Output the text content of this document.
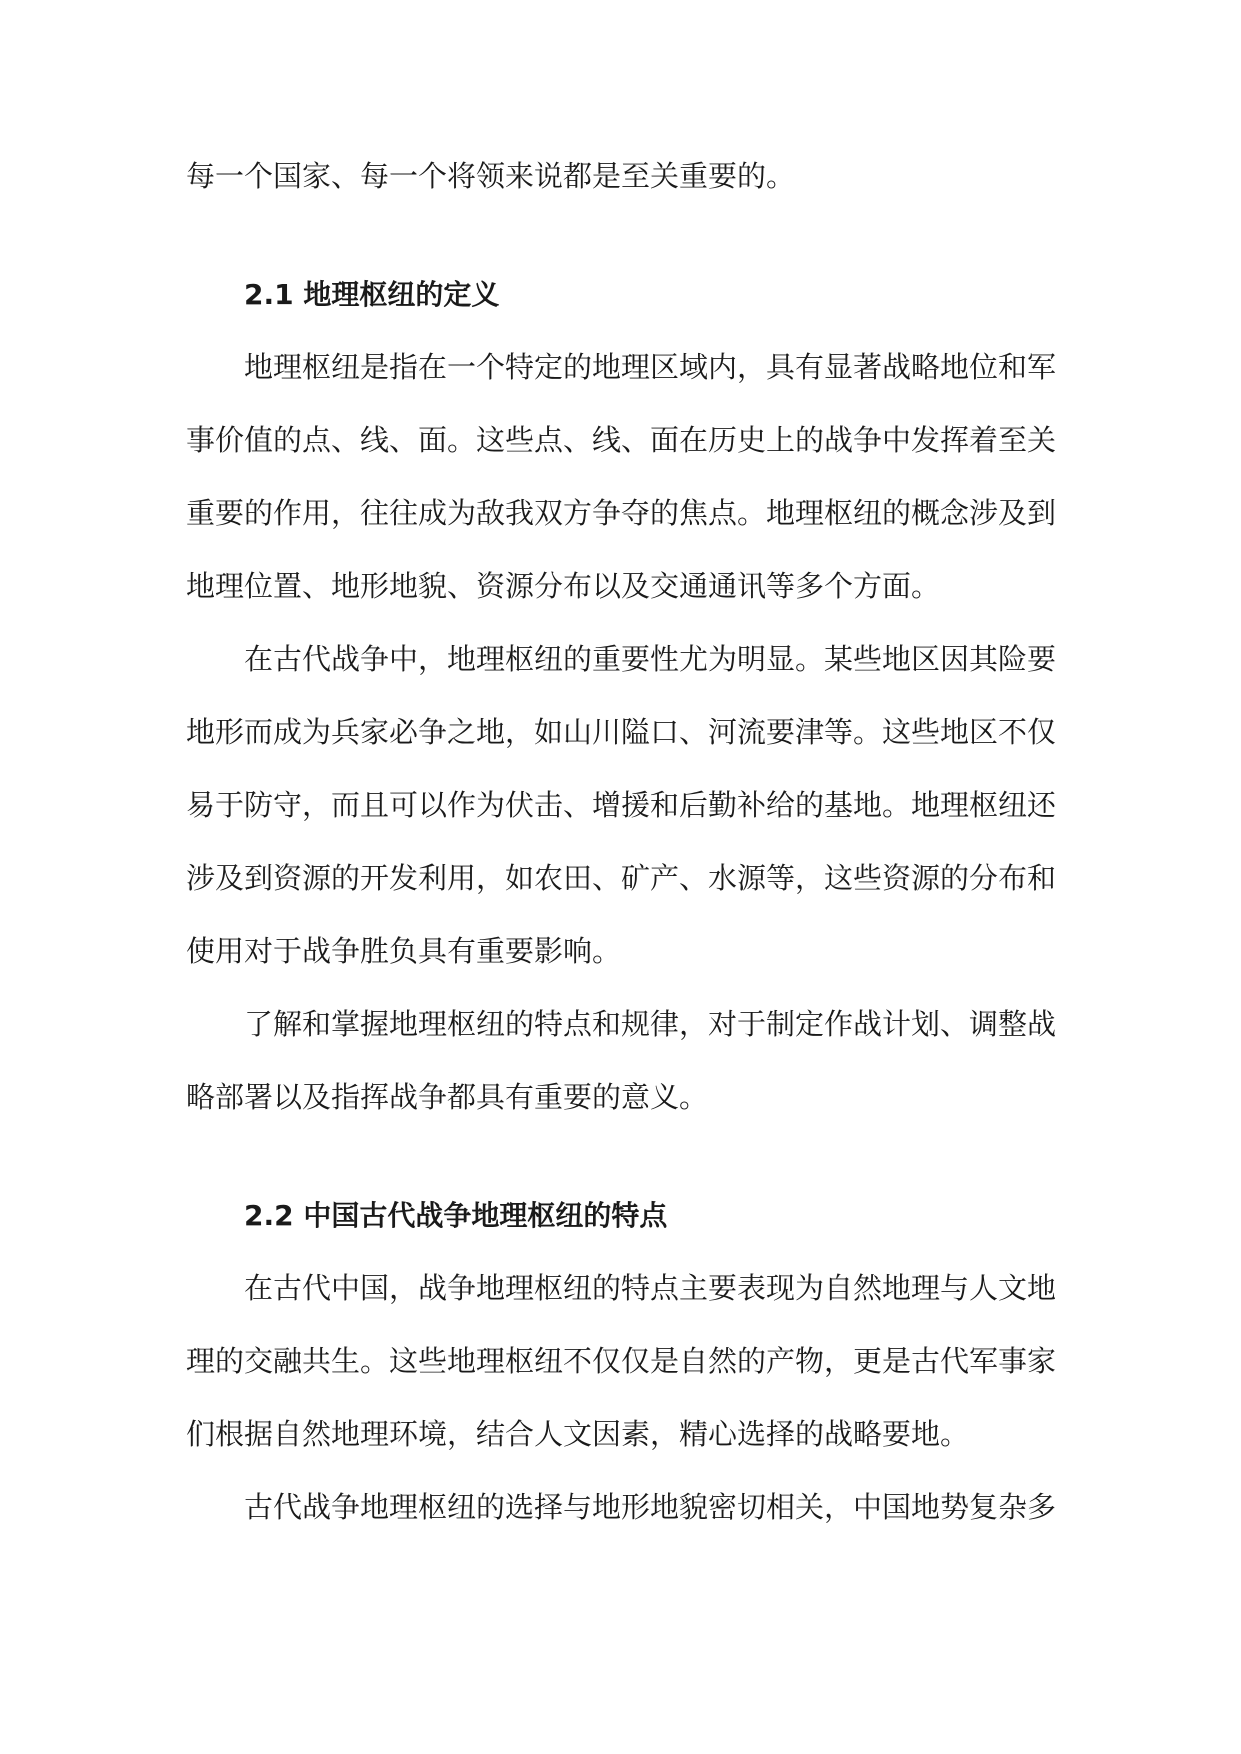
每一个国家、每一个将领来说都是至关重要的。

2.1 地理枢纽的定义

地理枢纽是指在一个特定的地理区域内，具有显著战略地位和军事价值的点、线、面。这些点、线、面在历史上的战争中发挥着至关重要的作用，往往成为敌我双方争夺的焦点。地理枢纽的概念涉及到地理位置、地形地貌、资源分布以及交通通讯等多个方面。

在古代战争中，地理枢纽的重要性尤为明显。某些地区因其险要地形而成为兵家必争之地，如山川隘口、河流要津等。这些地区不仅易于防守，而且可以作为伏击、增援和后勤补给的基地。地理枢纽还涉及到资源的开发利用，如农田、矿产、水源等，这些资源的分布和使用对于战争胜负具有重要影响。

了解和掌握地理枢纽的特点和规律，对于制定作战计划、调整战略部署以及指挥战争都具有重要的意义。

2.2 中国古代战争地理枢纽的特点

在古代中国，战争地理枢纽的特点主要表现为自然地理与人文地理的交融共生。这些地理枢纽不仅仅是自然的产物，更是古代军事家们根据自然地理环境，结合人文因素，精心选择的战略要地。

古代战争地理枢纽的选择与地形地貌密切相关，中国地势复杂多
